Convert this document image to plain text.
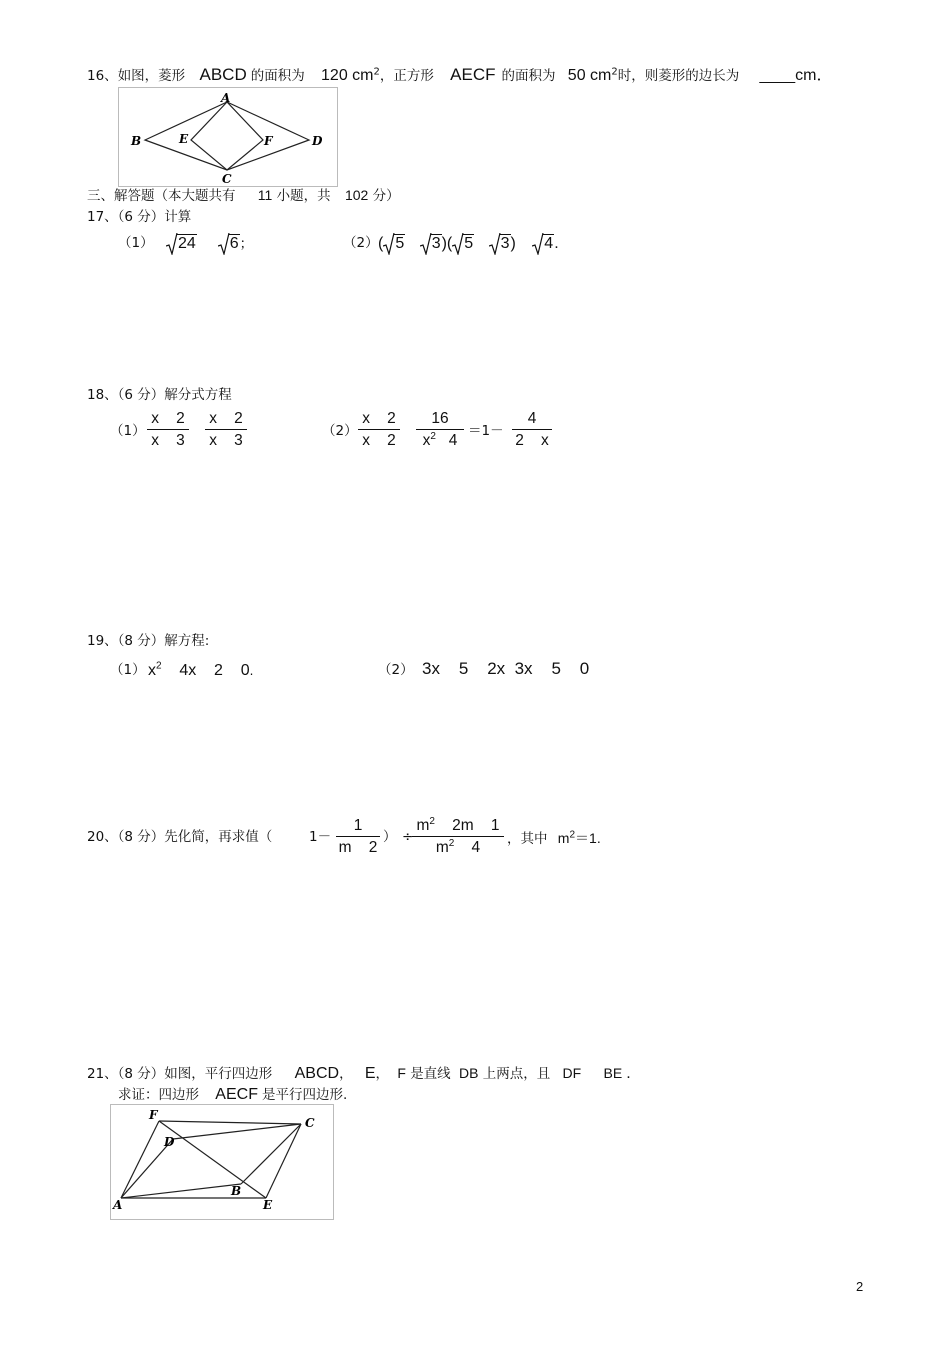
16、如图，菱形 ABCD 的面积为 120 $cm^2$，正方形 AECF 的面积为 50 $cm^2$时，则菱形的边长为 ____cm．
A
B
C
D
E	F
三、解答题（本大题共有 11 小题，共 102 分）
17、（6 分）计算
（1）	24 6；	（2） ( 5 3)( 5 3) 4.
18、（6 分）解分式方程
（1）
x    2
x    3
x    2
x    3
（2）
x    2
x    2
16
$x^2$   4
＝1－
4
2    x
19、（8 分）解方程:
（1） $x^2$    4x    2    0.	（2） 3x    5    2x  3x    5    0
20、（8 分）先化简，再求值（	1－
1
m    2
） ÷
$m^2$    2m    1
$m^2$    4	，其中 $m^2=1$.
21、（8 分）如图，平行四边形 ABCD， E， F 是直线 DB 上两点，且 DF BE .
求证：四边形 AECF 是平行四边形.
F
D
C
A
B
E
2
